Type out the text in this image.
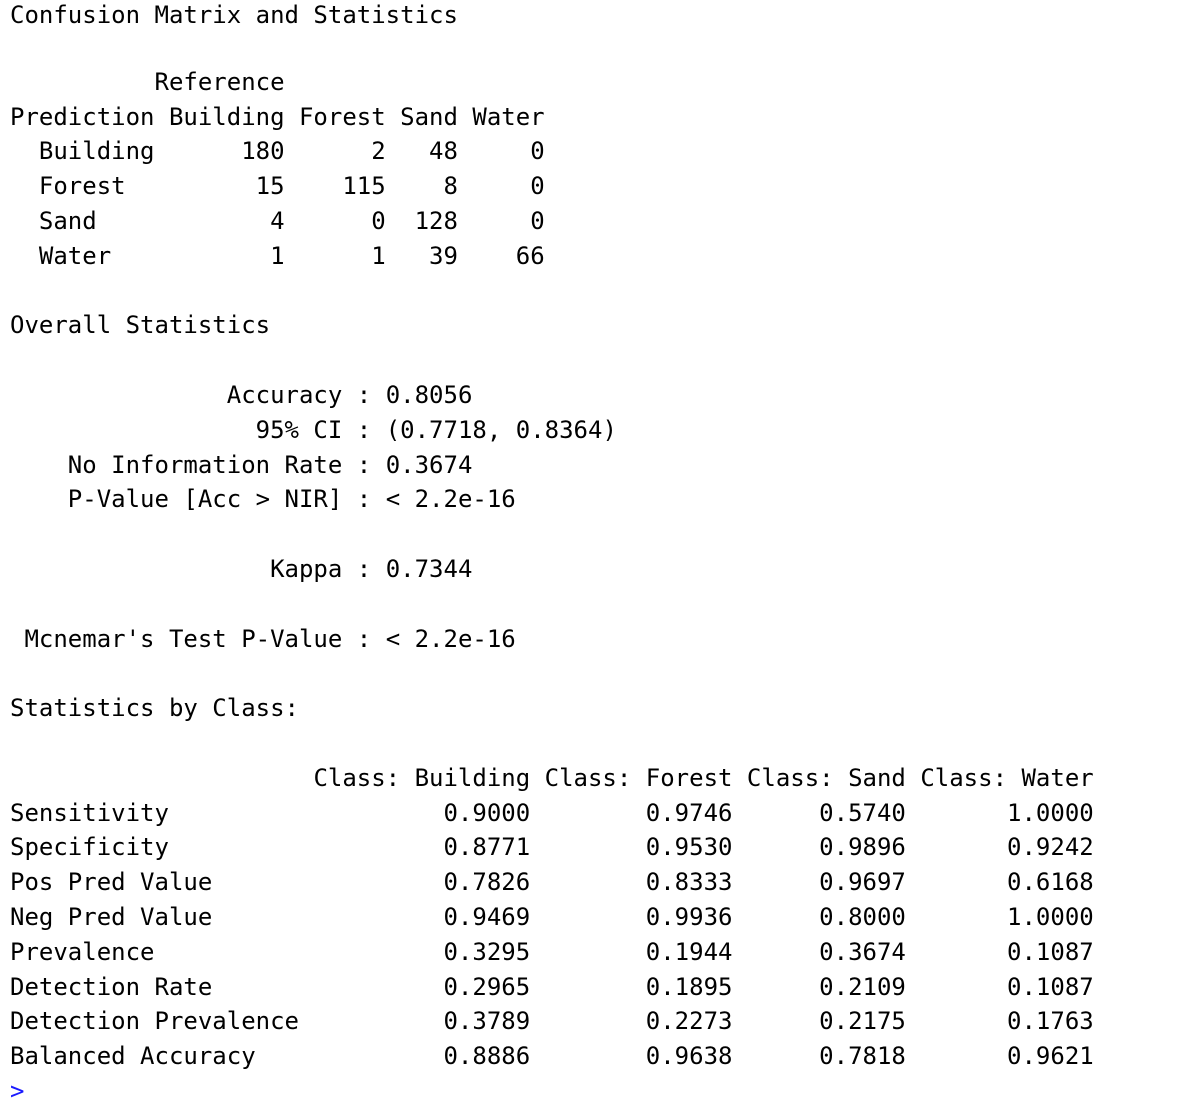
Confusion Matrix and Statistics
Reference
Prediction Building Forest Sand Water
Building      180      2   48     0
Forest         15    115    8     0
Sand            4      0  128     0
Water           1      1   39    66
Overall Statistics
Accuracy : 0.8056
95% CI : (0.7718, 0.8364)
No Information Rate : 0.3674
P-Value [Acc > NIR] : < 2.2e-16
Kappa : 0.7344
Mcnemar's Test P-Value : < 2.2e-16
Statistics by Class:
Class: Building Class: Forest Class: Sand Class: Water
Sensitivity                   0.9000        0.9746      0.5740       1.0000
Specificity                   0.8771        0.9530      0.9896       0.9242
Pos Pred Value                0.7826        0.8333      0.9697       0.6168
Neg Pred Value                0.9469        0.9936      0.8000       1.0000
Prevalence                    0.3295        0.1944      0.3674       0.1087
Detection Rate                0.2965        0.1895      0.2109       0.1087
Detection Prevalence          0.3789        0.2273      0.2175       0.1763
Balanced Accuracy             0.8886        0.9638      0.7818       0.9621
>
